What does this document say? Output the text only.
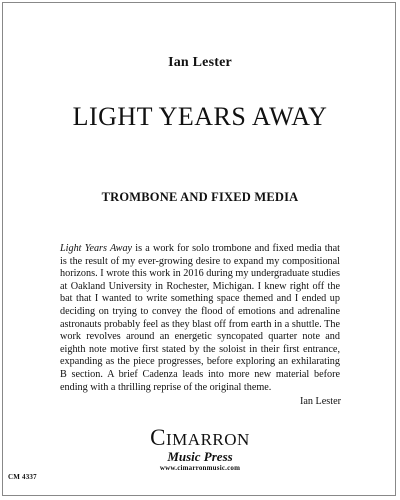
Ian Lester
LIGHT YEARS AWAY
TROMBONE AND FIXED MEDIA

Light Years Away is a work for solo trombone and fixed media that is the result of my ever-growing desire to expand my compositional horizons. I wrote this work in 2016 during my undergraduate studies at Oakland University in Rochester, Michigan. I knew right off the bat that I wanted to write something space themed and I ended up deciding on trying to convey the flood of emotions and adrenaline astronauts probably feel as they blast off from earth in a shuttle. The work revolves around an energetic syncopated quarter note and eighth note motive first stated by the soloist in their first entrance, expanding as the piece progresses, before exploring an exhilarating B section. A brief Cadenza leads into more new material before ending with a thrilling reprise of the original theme.

Ian Lester
CIMARRON
Music Press
www.cimarronmusic.com
CM 4337
